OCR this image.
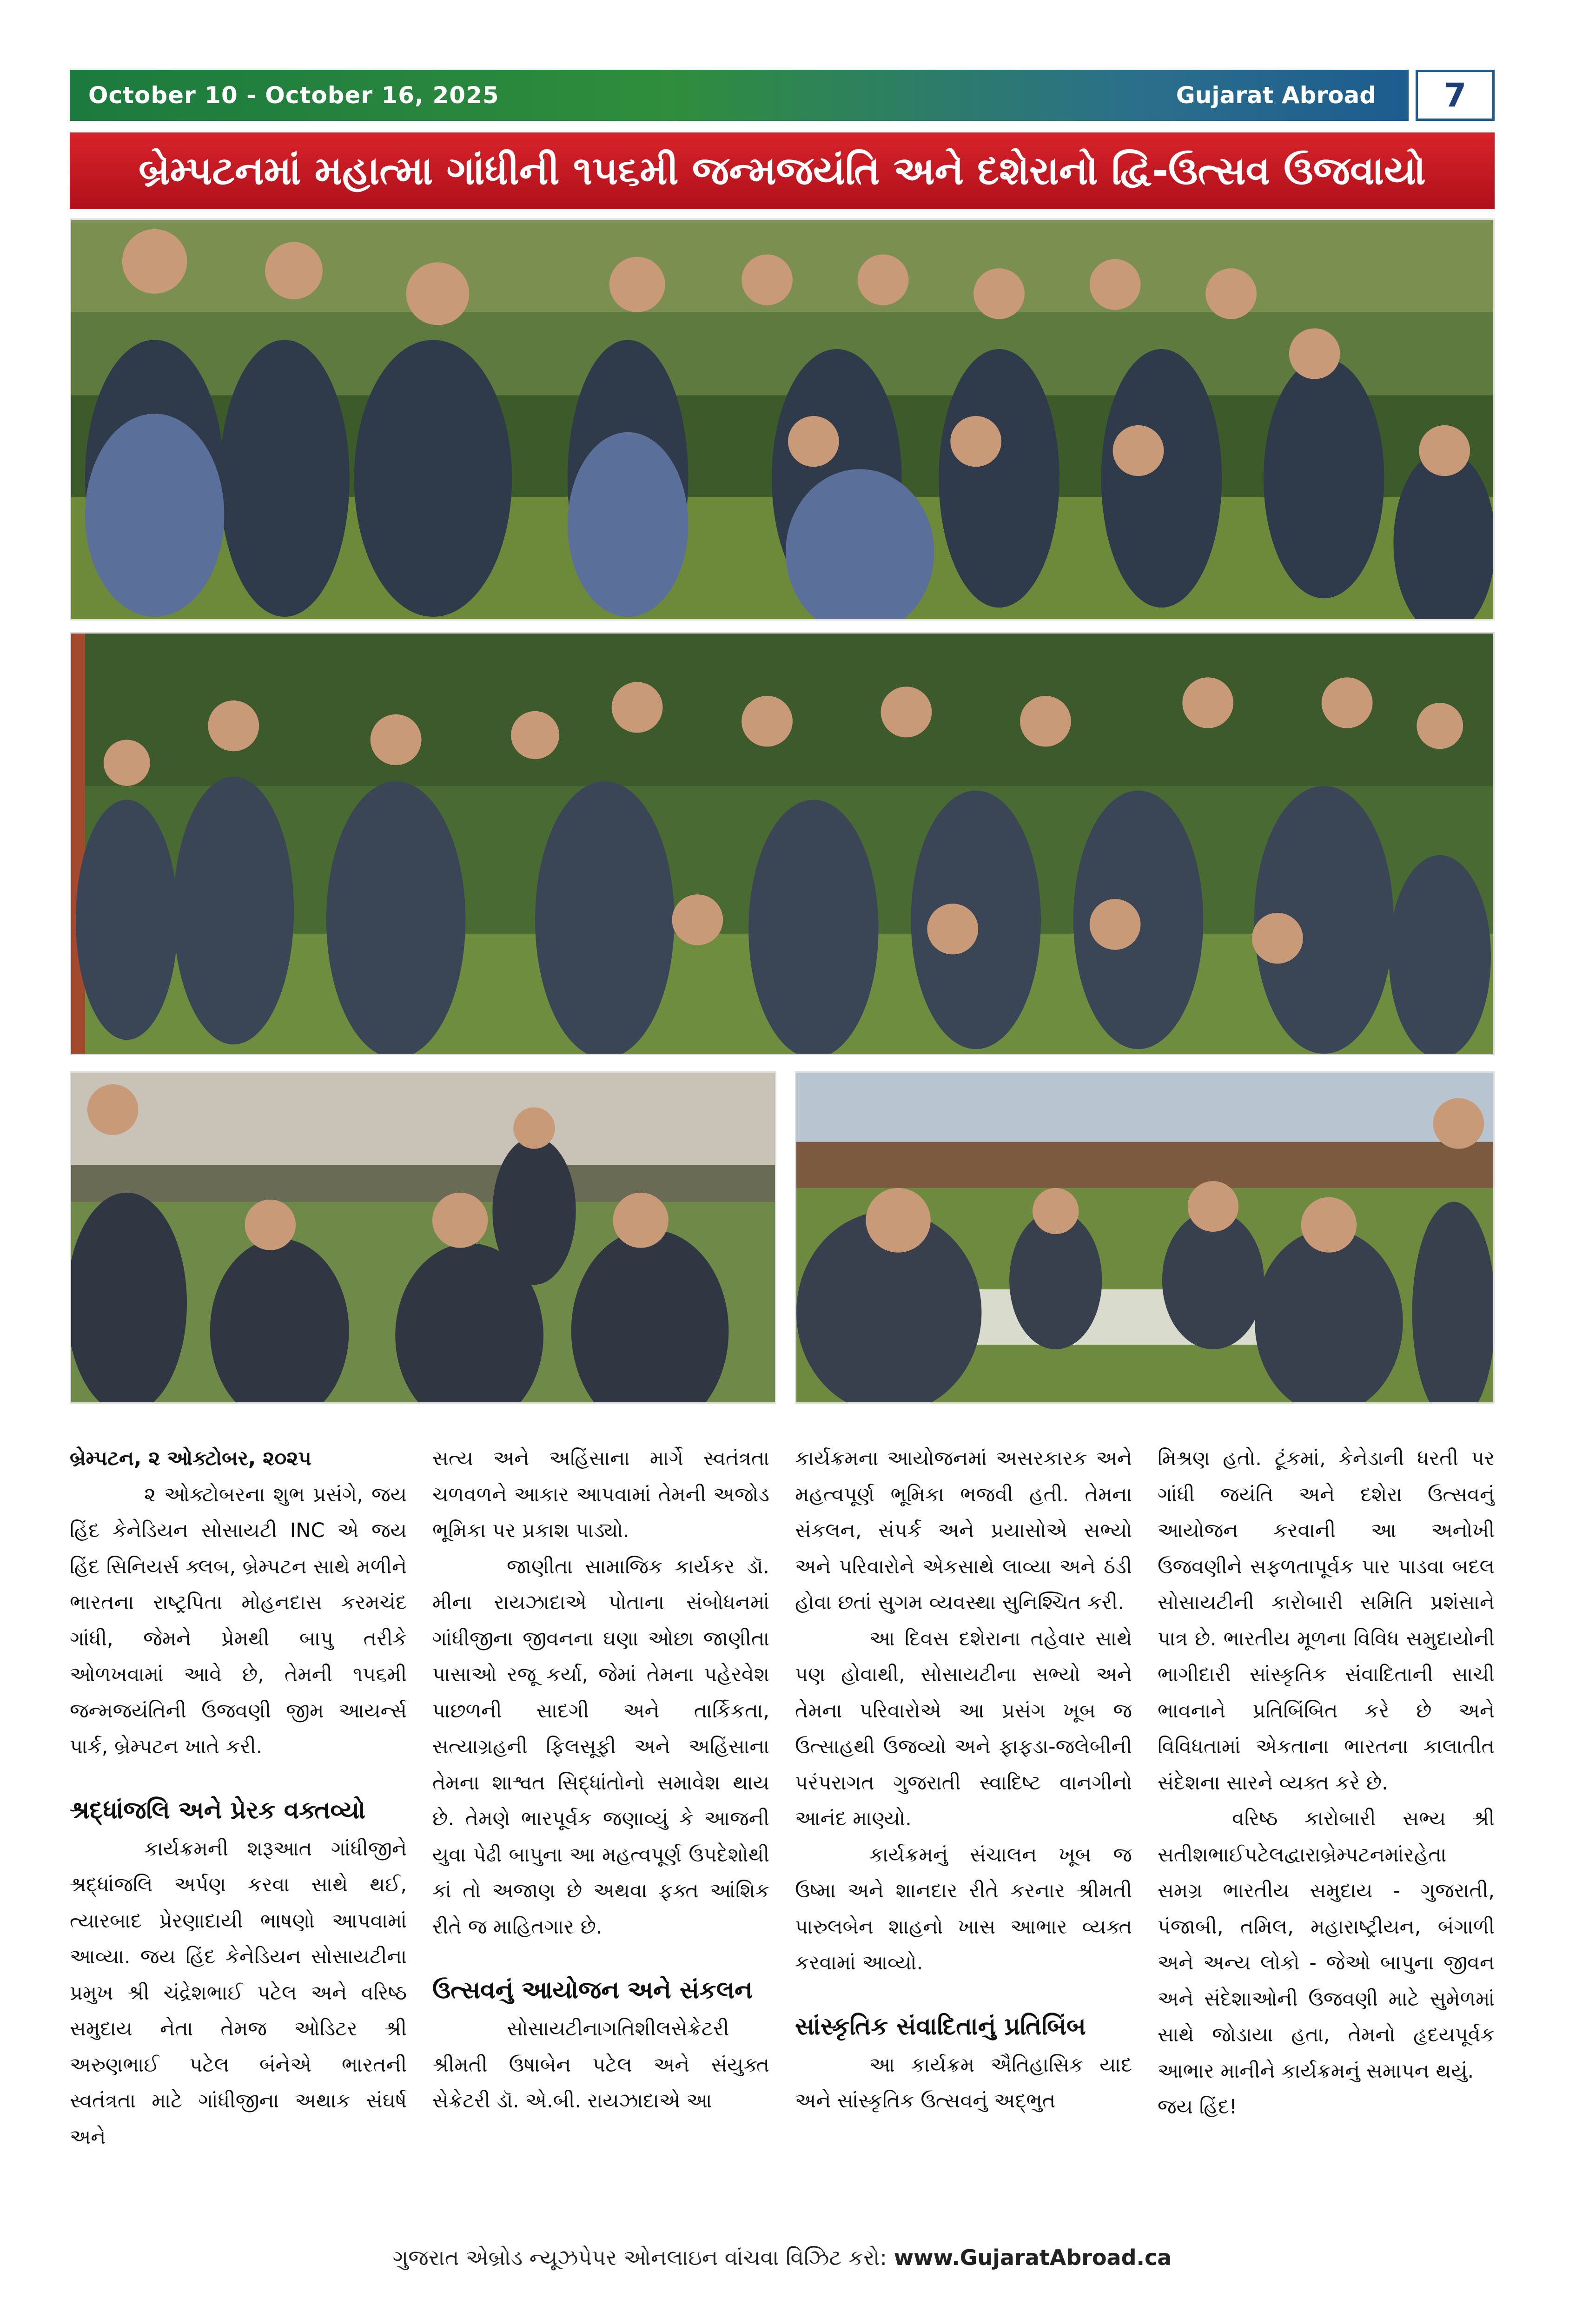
October 10 - October 16, 2025	Gujarat Abroad	7
બ્રેમ્પટનમાં મહાત્મા ગાંધીની ૧૫૬મી જન્મજયંતિ અને દશેરાનો દ્વિ-ઉત્સવ ઉજવાયો

બ્રેમ્પટન, ૨ ઓક્ટોબર, ૨૦૨૫

૨ ઓક્ટોબરના શુભ પ્રસંગે, જય હિંદ કેનેડિયન સોસાયટી INC એ જય હિંદ સિનિયર્સ ક્લબ, બ્રેમ્પટન સાથે મળીને ભારતના રાષ્ટ્રપિતા મોહનદાસ કરમચંદ ગાંધી, જેમને પ્રેમથી બાપુ તરીકે ઓળખવામાં આવે છે, તેમની ૧૫૬મી જન્મજયંતિની ઉજવણી જીમ આયર્ન્સ પાર્ક, બ્રેમ્પટન ખાતે કરી.

શ્રદ્ધાંજલિ અને પ્રેરક વક્તવ્યો

કાર્યક્રમની શરૂઆત ગાંધીજીને શ્રદ્ધાંજલિ અર્પણ કરવા સાથે થઈ, ત્યારબાદ પ્રેરણાદાયી ભાષણો આપવામાં આવ્યા. જય હિંદ કેનેડિયન સોસાયટીના પ્રમુખ શ્રી ચંદ્રેશભાઈ પટેલ અને વરિષ્ઠ સમુદાય નેતા તેમજ ઓડિટર શ્રી અરુણભાઈ પટેલ બંનેએ ભારતની સ્વતંત્રતા માટે ગાંધીજીના અથાક સંઘર્ષ અને

સત્ય અને અહિંસાના માર્ગે સ્વતંત્રતા ચળવળને આકાર આપવામાં તેમની અજોડ ભૂમિકા પર પ્રકાશ પાડ્યો.

જાણીતા સામાજિક કાર્યકર ડૉ. મીના રાયઝાદાએ પોતાના સંબોધનમાં ગાંધીજીના જીવનના ઘણા ઓછા જાણીતા પાસાઓ રજૂ કર્યા, જેમાં તેમના પહેરવેશ પાછળની સાદગી અને તાર્કિકતા, સત્યાગ્રહની ફિલસૂફી અને અહિંસાના તેમના શાશ્વત સિદ્ધાંતોનો સમાવેશ થાય છે. તેમણે ભારપૂર્વક જણાવ્યું કે આજની યુવા પેઢી બાપુના આ મહત્વપૂર્ણ ઉપદેશોથી કાં તો અજાણ છે અથવા ફક્ત આંશિક રીતે જ માહિતગાર છે.

ઉત્સવનું આયોજન અને સંકલન

સોસાયટીનાગતિશીલસેક્રેટરી શ્રીમતી ઉષાબેન પટેલ અને સંયુક્ત સેક્રેટરી ડૉ. એ.બી. રાયઝાદાએ આ

કાર્યક્રમના આયોજનમાં અસરકારક અને મહત્વપૂર્ણ ભૂમિકા ભજવી હતી. તેમના સંકલન, સંપર્ક અને પ્રયાસોએ સભ્યો અને પરિવારોને એકસાથે લાવ્યા અને ઠંડી હોવા છતાં સુગમ વ્યવસ્થા સુનિશ્ચિત કરી.

આ દિવસ દશેરાના તહેવાર સાથે પણ હોવાથી, સોસાયટીના સભ્યો અને તેમના પરિવારોએ આ પ્રસંગ ખૂબ જ ઉત્સાહથી ઉજવ્યો અને ફાફડા-જલેબીની પરંપરાગત ગુજરાતી સ્વાદિષ્ટ વાનગીનો આનંદ માણ્યો.

કાર્યક્રમનું સંચાલન ખૂબ જ ઉષ્મા અને શાનદાર રીતે કરનાર શ્રીમતી પારુલબેન શાહનો ખાસ આભાર વ્યક્ત કરવામાં આવ્યો.

સાંસ્કૃતિક સંવાદિતાનું પ્રતિબિંબ

આ કાર્યક્રમ ઐતિહાસિક યાદ અને સાંસ્કૃતિક ઉત્સવનું અદ્ભુત

મિશ્રણ હતો. ટૂંકમાં, કેનેડાની ધરતી પર ગાંધી જયંતિ અને દશેરા ઉત્સવનું આયોજન કરવાની આ અનોખી ઉજવણીને સફળતાપૂર્વક પાર પાડવા બદલ સોસાયટીની કારોબારી સમિતિ પ્રશંસાને પાત્ર છે. ભારતીય મૂળના વિવિધ સમુદાયોની ભાગીદારી સાંસ્કૃતિક સંવાદિતાની સાચી ભાવનાને પ્રતિબિંબિત કરે છે અને વિવિધતામાં એકતાના ભારતના કાલાતીત સંદેશના સારને વ્યક્ત કરે છે.

વરિષ્ઠ કારોબારી સભ્ય શ્રી સતીશભાઈપટેલદ્વારાબ્રેમ્પટનમાંરહેતા સમગ્ર ભારતીય સમુદાય - ગુજરાતી, પંજાબી, તમિલ, મહારાષ્ટ્રીયન, બંગાળી અને અન્ય લોકો - જેઓ બાપુના જીવન અને સંદેશાઓની ઉજવણી માટે સુમેળમાં સાથે જોડાયા હતા, તેમનો હૃદયપૂર્વક આભાર માનીને કાર્યક્રમનું સમાપન થયું.

જય હિંદ!

ગુજરાત એબ્રોડ ન્યૂઝપેપર ઓનલાઇન વાંચવા વિઝિટ કરો: www.GujaratAbroad.ca
